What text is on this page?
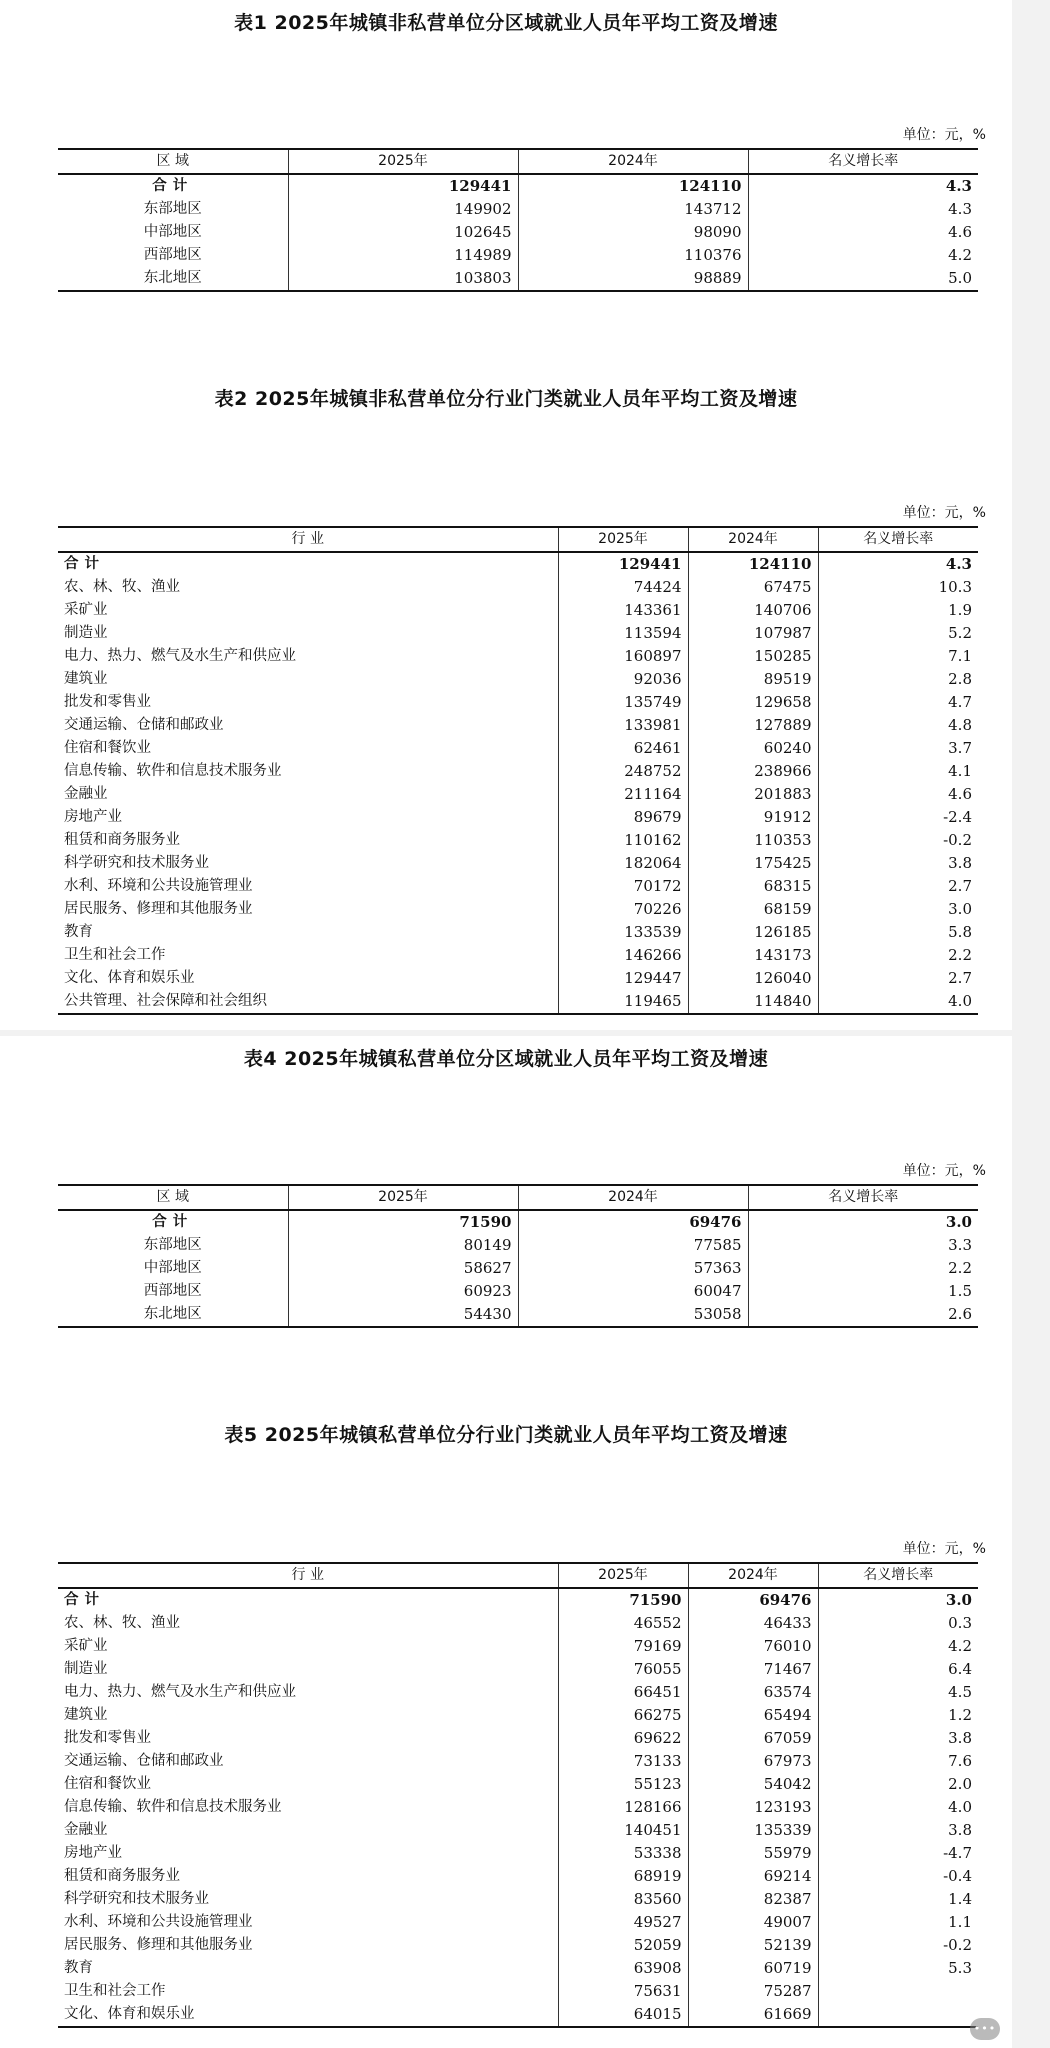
表1 2025年城镇非私营单位分区域就业人员年平均工资及增速
单位：元，%
区 域	2025年	2024年	名义增长率
合计	129441	124110	4.3
东部地区	149902	143712	4.3
中部地区	102645	98090	4.6
西部地区	114989	110376	4.2
东北地区	103803	98889	5.0
表2 2025年城镇非私营单位分行业门类就业人员年平均工资及增速
单位：元，%
行 业	2025年	2024年	名义增长率
合计	129441	124110	4.3
农、林、牧、渔业	74424	67475	10.3
采矿业	143361	140706	1.9
制造业	113594	107987	5.2
电力、热力、燃气及水生产和供应业	160897	150285	7.1
建筑业	92036	89519	2.8
批发和零售业	135749	129658	4.7
交通运输、仓储和邮政业	133981	127889	4.8
住宿和餐饮业	62461	60240	3.7
信息传输、软件和信息技术服务业	248752	238966	4.1
金融业	211164	201883	4.6
房地产业	89679	91912	-2.4
租赁和商务服务业	110162	110353	-0.2
科学研究和技术服务业	182064	175425	3.8
水利、环境和公共设施管理业	70172	68315	2.7
居民服务、修理和其他服务业	70226	68159	3.0
教育	133539	126185	5.8
卫生和社会工作	146266	143173	2.2
文化、体育和娱乐业	129447	126040	2.7
公共管理、社会保障和社会组织	119465	114840	4.0
表4 2025年城镇私营单位分区域就业人员年平均工资及增速
单位：元，%
区 域	2025年	2024年	名义增长率
合计	71590	69476	3.0
东部地区	80149	77585	3.3
中部地区	58627	57363	2.2
西部地区	60923	60047	1.5
东北地区	54430	53058	2.6
表5 2025年城镇私营单位分行业门类就业人员年平均工资及增速
单位：元，%
行 业	2025年	2024年	名义增长率
合计	71590	69476	3.0
农、林、牧、渔业	46552	46433	0.3
采矿业	79169	76010	4.2
制造业	76055	71467	6.4
电力、热力、燃气及水生产和供应业	66451	63574	4.5
建筑业	66275	65494	1.2
批发和零售业	69622	67059	3.8
交通运输、仓储和邮政业	73133	67973	7.6
住宿和餐饮业	55123	54042	2.0
信息传输、软件和信息技术服务业	128166	123193	4.0
金融业	140451	135339	3.8
房地产业	53338	55979	-4.7
租赁和商务服务业	68919	69214	-0.4
科学研究和技术服务业	83560	82387	1.4
水利、环境和公共设施管理业	49527	49007	1.1
居民服务、修理和其他服务业	52059	52139	-0.2
教育	63908	60719	5.3
卫生和社会工作	75631	75287	
文化、体育和娱乐业	64015	61669	
•••
